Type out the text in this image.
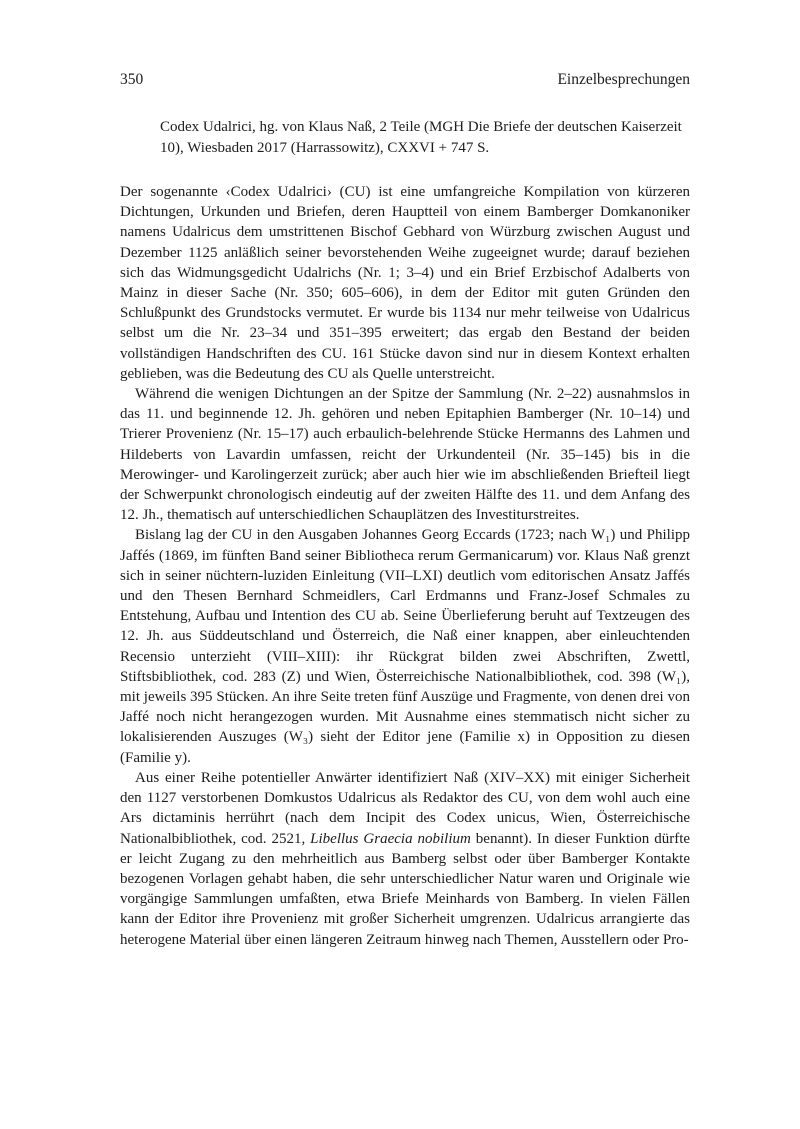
350	Einzelbesprechungen
Codex Udalrici, hg. von Klaus Naß, 2 Teile (MGH Die Briefe der deutschen Kaiserzeit 10), Wiesbaden 2017 (Harrassowitz), CXXVI + 747 S.

Der sogenannte ‹Codex Udalrici› (CU) ist eine umfangreiche Kompilation von kürzeren Dichtungen, Urkunden und Briefen, deren Hauptteil von einem Bamberger Domkanoniker namens Udalricus dem umstrittenen Bischof Gebhard von Würzburg zwischen August und Dezember 1125 anläßlich seiner bevorstehenden Weihe zugeeignet wurde; darauf beziehen sich das Widmungsgedicht Udalrichs (Nr. 1; 3–4) und ein Brief Erzbischof Adalberts von Mainz in dieser Sache (Nr. 350; 605–606), in dem der Editor mit guten Gründen den Schlußpunkt des Grundstocks vermutet. Er wurde bis 1134 nur mehr teilweise von Udalricus selbst um die Nr. 23–34 und 351–395 erweitert; das ergab den Bestand der beiden vollständigen Handschriften des CU. 161 Stücke davon sind nur in diesem Kontext erhalten geblieben, was die Bedeutung des CU als Quelle unterstreicht.

Während die wenigen Dichtungen an der Spitze der Sammlung (Nr. 2–22) ausnahmslos in das 11. und beginnende 12. Jh. gehören und neben Epitaphien Bamberger (Nr. 10–14) und Trierer Provenienz (Nr. 15–17) auch erbaulich-belehrende Stücke Hermanns des Lahmen und Hildeberts von Lavardin umfassen, reicht der Urkundenteil (Nr. 35–145) bis in die Merowinger- und Karolingerzeit zurück; aber auch hier wie im abschließenden Briefteil liegt der Schwerpunkt chronologisch eindeutig auf der zweiten Hälfte des 11. und dem Anfang des 12. Jh., thematisch auf unterschiedlichen Schauplätzen des Investiturstreites.

Bislang lag der CU in den Ausgaben Johannes Georg Eccards (1723; nach W₁) und Philipp Jaffés (1869, im fünften Band seiner Bibliotheca rerum Germanicarum) vor. Klaus Naß grenzt sich in seiner nüchtern-luziden Einleitung (VII–LXI) deutlich vom editorischen Ansatz Jaffés und den Thesen Bernhard Schmeidlers, Carl Erdmanns und Franz-Josef Schmales zu Entstehung, Aufbau und Intention des CU ab. Seine Überlieferung beruht auf Textzeugen des 12. Jh. aus Süddeutschland und Österreich, die Naß einer knappen, aber einleuchtenden Recensio unterzieht (VIII–XIII): ihr Rückgrat bilden zwei Abschriften, Zwettl, Stiftsbibliothek, cod. 283 (Z) und Wien, Österreichische Nationalbibliothek, cod. 398 (W₁), mit jeweils 395 Stücken. An ihre Seite treten fünf Auszüge und Fragmente, von denen drei von Jaffé noch nicht herangezogen wurden. Mit Ausnahme eines stemmatisch nicht sicher zu lokalisierenden Auszuges (W₃) sieht der Editor jene (Familie x) in Opposition zu diesen (Familie y).

Aus einer Reihe potentieller Anwärter identifiziert Naß (XIV–XX) mit einiger Sicherheit den 1127 verstorbenen Domkustos Udalricus als Redaktor des CU, von dem wohl auch eine Ars dictaminis herrührt (nach dem Incipit des Codex unicus, Wien, Österreichische Nationalbibliothek, cod. 2521, Libellus Graecia nobilium benannt). In dieser Funktion dürfte er leicht Zugang zu den mehrheitlich aus Bamberg selbst oder über Bamberger Kontakte bezogenen Vorlagen gehabt haben, die sehr unterschiedlicher Natur waren und Originale wie vorgängige Sammlungen umfaßten, etwa Briefe Meinhards von Bamberg. In vielen Fällen kann der Editor ihre Provenienz mit großer Sicherheit umgrenzen. Udalricus arrangierte das heterogene Material über einen längeren Zeitraum hinweg nach Themen, Ausstellern oder Pro-
